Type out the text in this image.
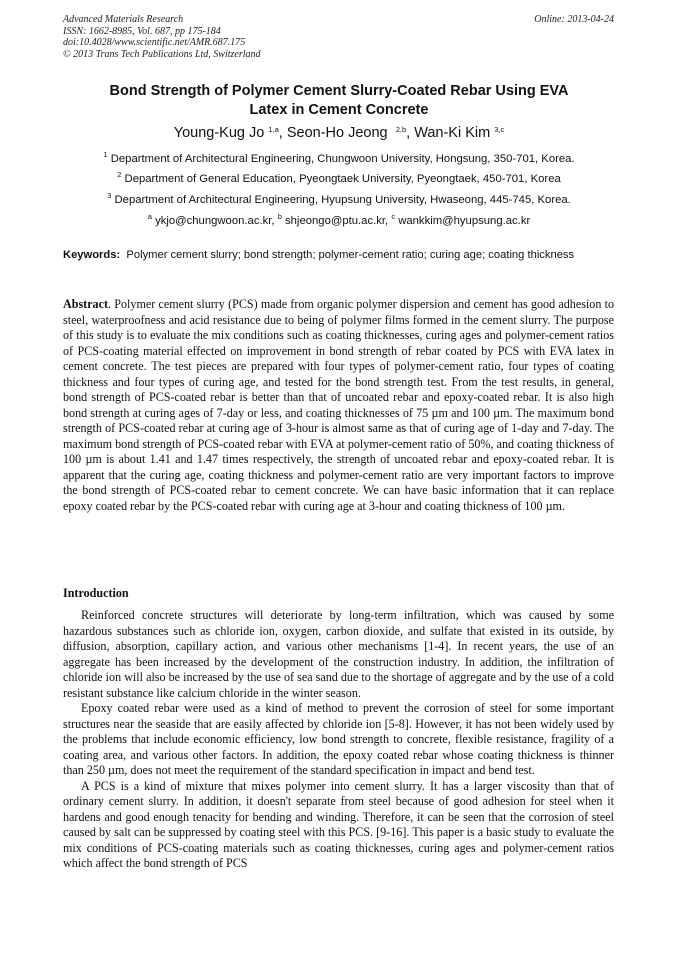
Advanced Materials Research
ISSN: 1662-8985, Vol. 687, pp 175-184
doi:10.4028/www.scientific.net/AMR.687.175
© 2013 Trans Tech Publications Ltd, Switzerland
Online: 2013-04-24
Bond Strength of Polymer Cement Slurry-Coated Rebar Using EVA
Latex in Cement Concrete
Young-Kug Jo $^{1,a}$, Seon-Ho Jeong $^{2,b}$, Wan-Ki Kim $^{3,c}$
$^1$ Department of Architectural Engineering, Chungwoon University, Hongsung, 350-701, Korea.
$^2$ Department of General Education, Pyeongtaek University, Pyeongtaek, 450-701, Korea
$^3$ Department of Architectural Engineering, Hyupsung University, Hwaseong, 445-745, Korea.
$^a$ ykjo@chungwoon.ac.kr, $^b$ shjeongo@ptu.ac.kr, $^c$ wankkim@hyupsung.ac.kr
Keywords: Polymer cement slurry; bond strength; polymer-cement ratio; curing age; coating thickness
Abstract. Polymer cement slurry (PCS) made from organic polymer dispersion and cement has good adhesion to steel, waterproofness and acid resistance due to being of polymer films formed in the cement slurry. The purpose of this study is to evaluate the mix conditions such as coating thicknesses, curing ages and polymer-cement ratios of PCS-coating material effected on improvement in bond strength of rebar coated by PCS with EVA latex in cement concrete. The test pieces are prepared with four types of polymer-cement ratio, four types of coating thickness and four types of curing age, and tested for the bond strength test. From the test results, in general, bond strength of PCS-coated rebar is better than that of uncoated rebar and epoxy-coated rebar. It is also high bond strength at curing ages of 7-day or less, and coating thicknesses of 75 µm and 100 µm. The maximum bond strength of PCS-coated rebar at curing age of 3-hour is almost same as that of curing age of 1-day and 7-day. The maximum bond strength of PCS-coated rebar with EVA at polymer-cement ratio of 50%, and coating thickness of 100 µm is about 1.41 and 1.47 times respectively, the strength of uncoated rebar and epoxy-coated rebar. It is apparent that the curing age, coating thickness and polymer-cement ratio are very important factors to improve the bond strength of PCS-coated rebar to cement concrete. We can have basic information that it can replace epoxy coated rebar by the PCS-coated rebar with curing age at 3-hour and coating thickness of 100 µm.
Introduction

Reinforced concrete structures will deteriorate by long-term infiltration, which was caused by some hazardous substances such as chloride ion, oxygen, carbon dioxide, and sulfate that existed in its outside, by diffusion, absorption, capillary action, and various other mechanisms [1-4]. In recent years, the use of an aggregate has been increased by the development of the construction industry. In addition, the infiltration of chloride ion will also be increased by the use of sea sand due to the shortage of aggregate and by the use of a cold resistant substance like calcium chloride in the winter season.

Epoxy coated rebar were used as a kind of method to prevent the corrosion of steel for some important structures near the seaside that are easily affected by chloride ion [5-8]. However, it has not been widely used by the problems that include economic efficiency, low bond strength to concrete, flexible resistance, fragility of a coating area, and various other factors. In addition, the epoxy coated rebar whose coating thickness is thinner than 250 µm, does not meet the requirement of the standard specification in impact and bend test.

A PCS is a kind of mixture that mixes polymer into cement slurry. It has a larger viscosity than that of ordinary cement slurry. In addition, it doesn't separate from steel because of good adhesion for steel when it hardens and good enough tenacity for bending and winding. Therefore, it can be seen that the corrosion of steel caused by salt can be suppressed by coating steel with this PCS. [9-16]. This paper is a basic study to evaluate the mix conditions of PCS-coating materials such as coating thicknesses, curing ages and polymer-cement ratios which affect the bond strength of PCS
